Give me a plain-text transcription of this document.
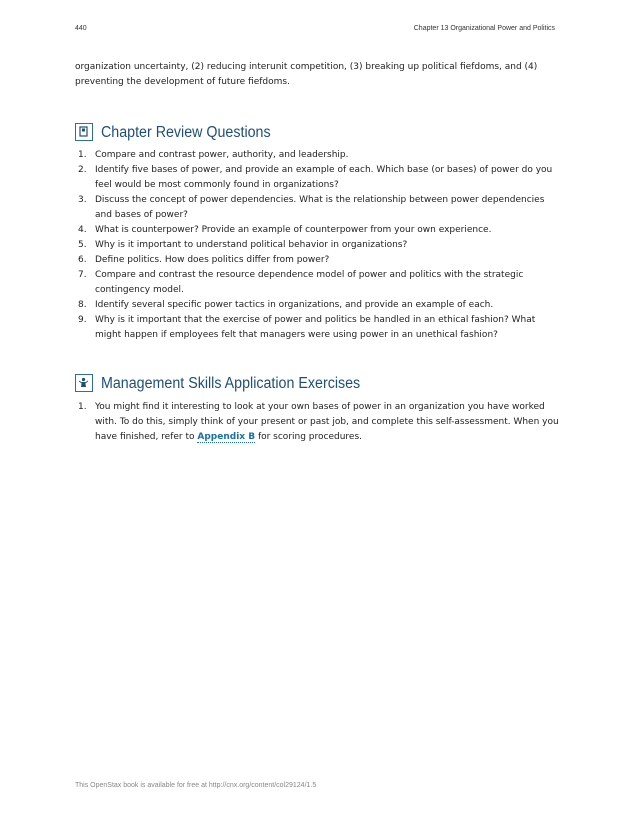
440	Chapter 13 Organizational Power and Politics

organization uncertainty, (2) reducing interunit competition, (3) breaking up political fiefdoms, and (4) preventing the development of future fiefdoms.

Chapter Review Questions
1. Compare and contrast power, authority, and leadership.
2. Identify five bases of power, and provide an example of each. Which base (or bases) of power do you feel would be most commonly found in organizations?
3. Discuss the concept of power dependencies. What is the relationship between power dependencies and bases of power?
4. What is counterpower? Provide an example of counterpower from your own experience.
5. Why is it important to understand political behavior in organizations?
6. Define politics. How does politics differ from power?
7. Compare and contrast the resource dependence model of power and politics with the strategic contingency model.
8. Identify several specific power tactics in organizations, and provide an example of each.
9. Why is it important that the exercise of power and politics be handled in an ethical fashion? What might happen if employees felt that managers were using power in an unethical fashion?
Management Skills Application Exercises
1. You might find it interesting to look at your own bases of power in an organization you have worked with. To do this, simply think of your present or past job, and complete this self-assessment. When you have finished, refer to Appendix B for scoring procedures.
This OpenStax book is available for free at http://cnx.org/content/col29124/1.5
